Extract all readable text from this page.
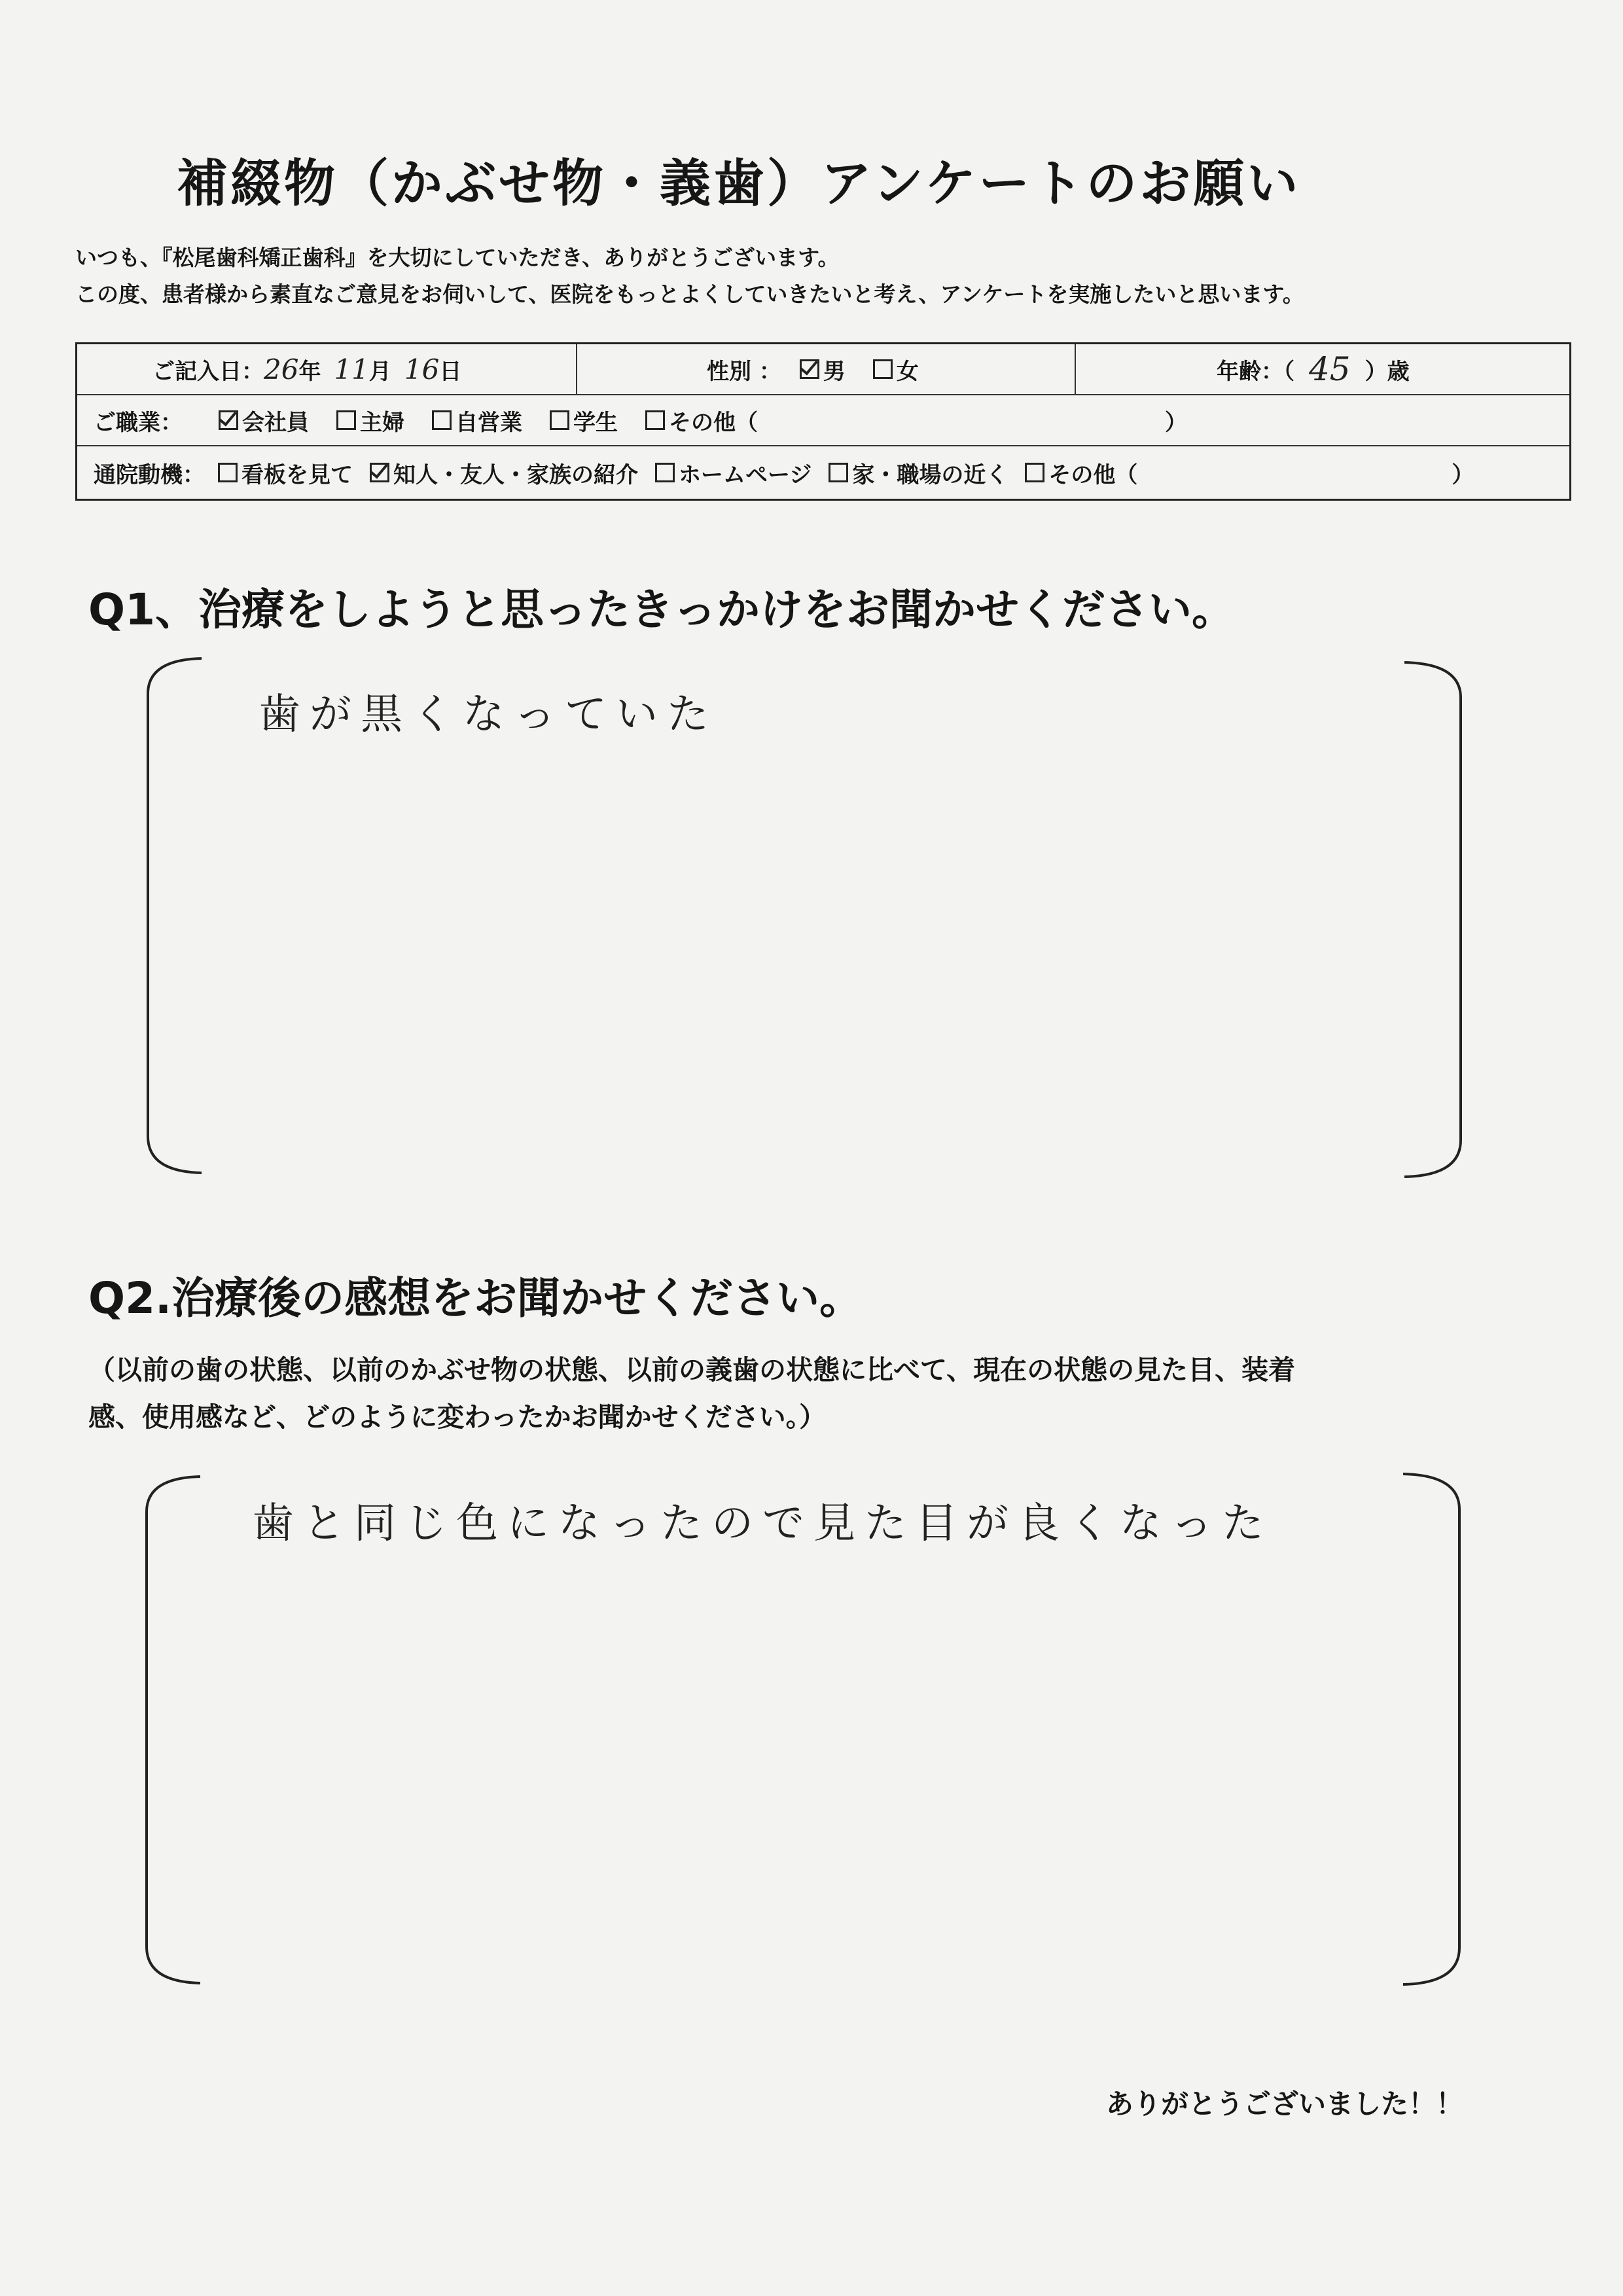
補綴物（かぶせ物・義歯）アンケートのお願い
いつも、『松尾歯科矯正歯科』を大切にしていただき、ありがとうございます。
この度、患者様から素直なご意見をお伺いして、医院をもっとよくしていきたいと考え、アンケートを実施したいと思います。
ご記入日： 26 年 11 月 16 日	性別 ： 男 女	年齢：（ 45 ）歳
ご職業：	会社員 主婦 自営業 学生 その他（	）
通院動機： 看板を見て 知人・友人・家族の紹介 ホームページ 家・職場の近く その他（	）
Q1、治療をしようと思ったきっかけをお聞かせください。
歯が黒くなっていた
Q2.治療後の感想をお聞かせください。
（以前の歯の状態、以前のかぶせ物の状態、以前の義歯の状態に比べて、現在の状態の見た目、装着
感、使用感など、どのように変わったかお聞かせください。）
歯と同じ色になったので見た目が良くなった
ありがとうございました！！
